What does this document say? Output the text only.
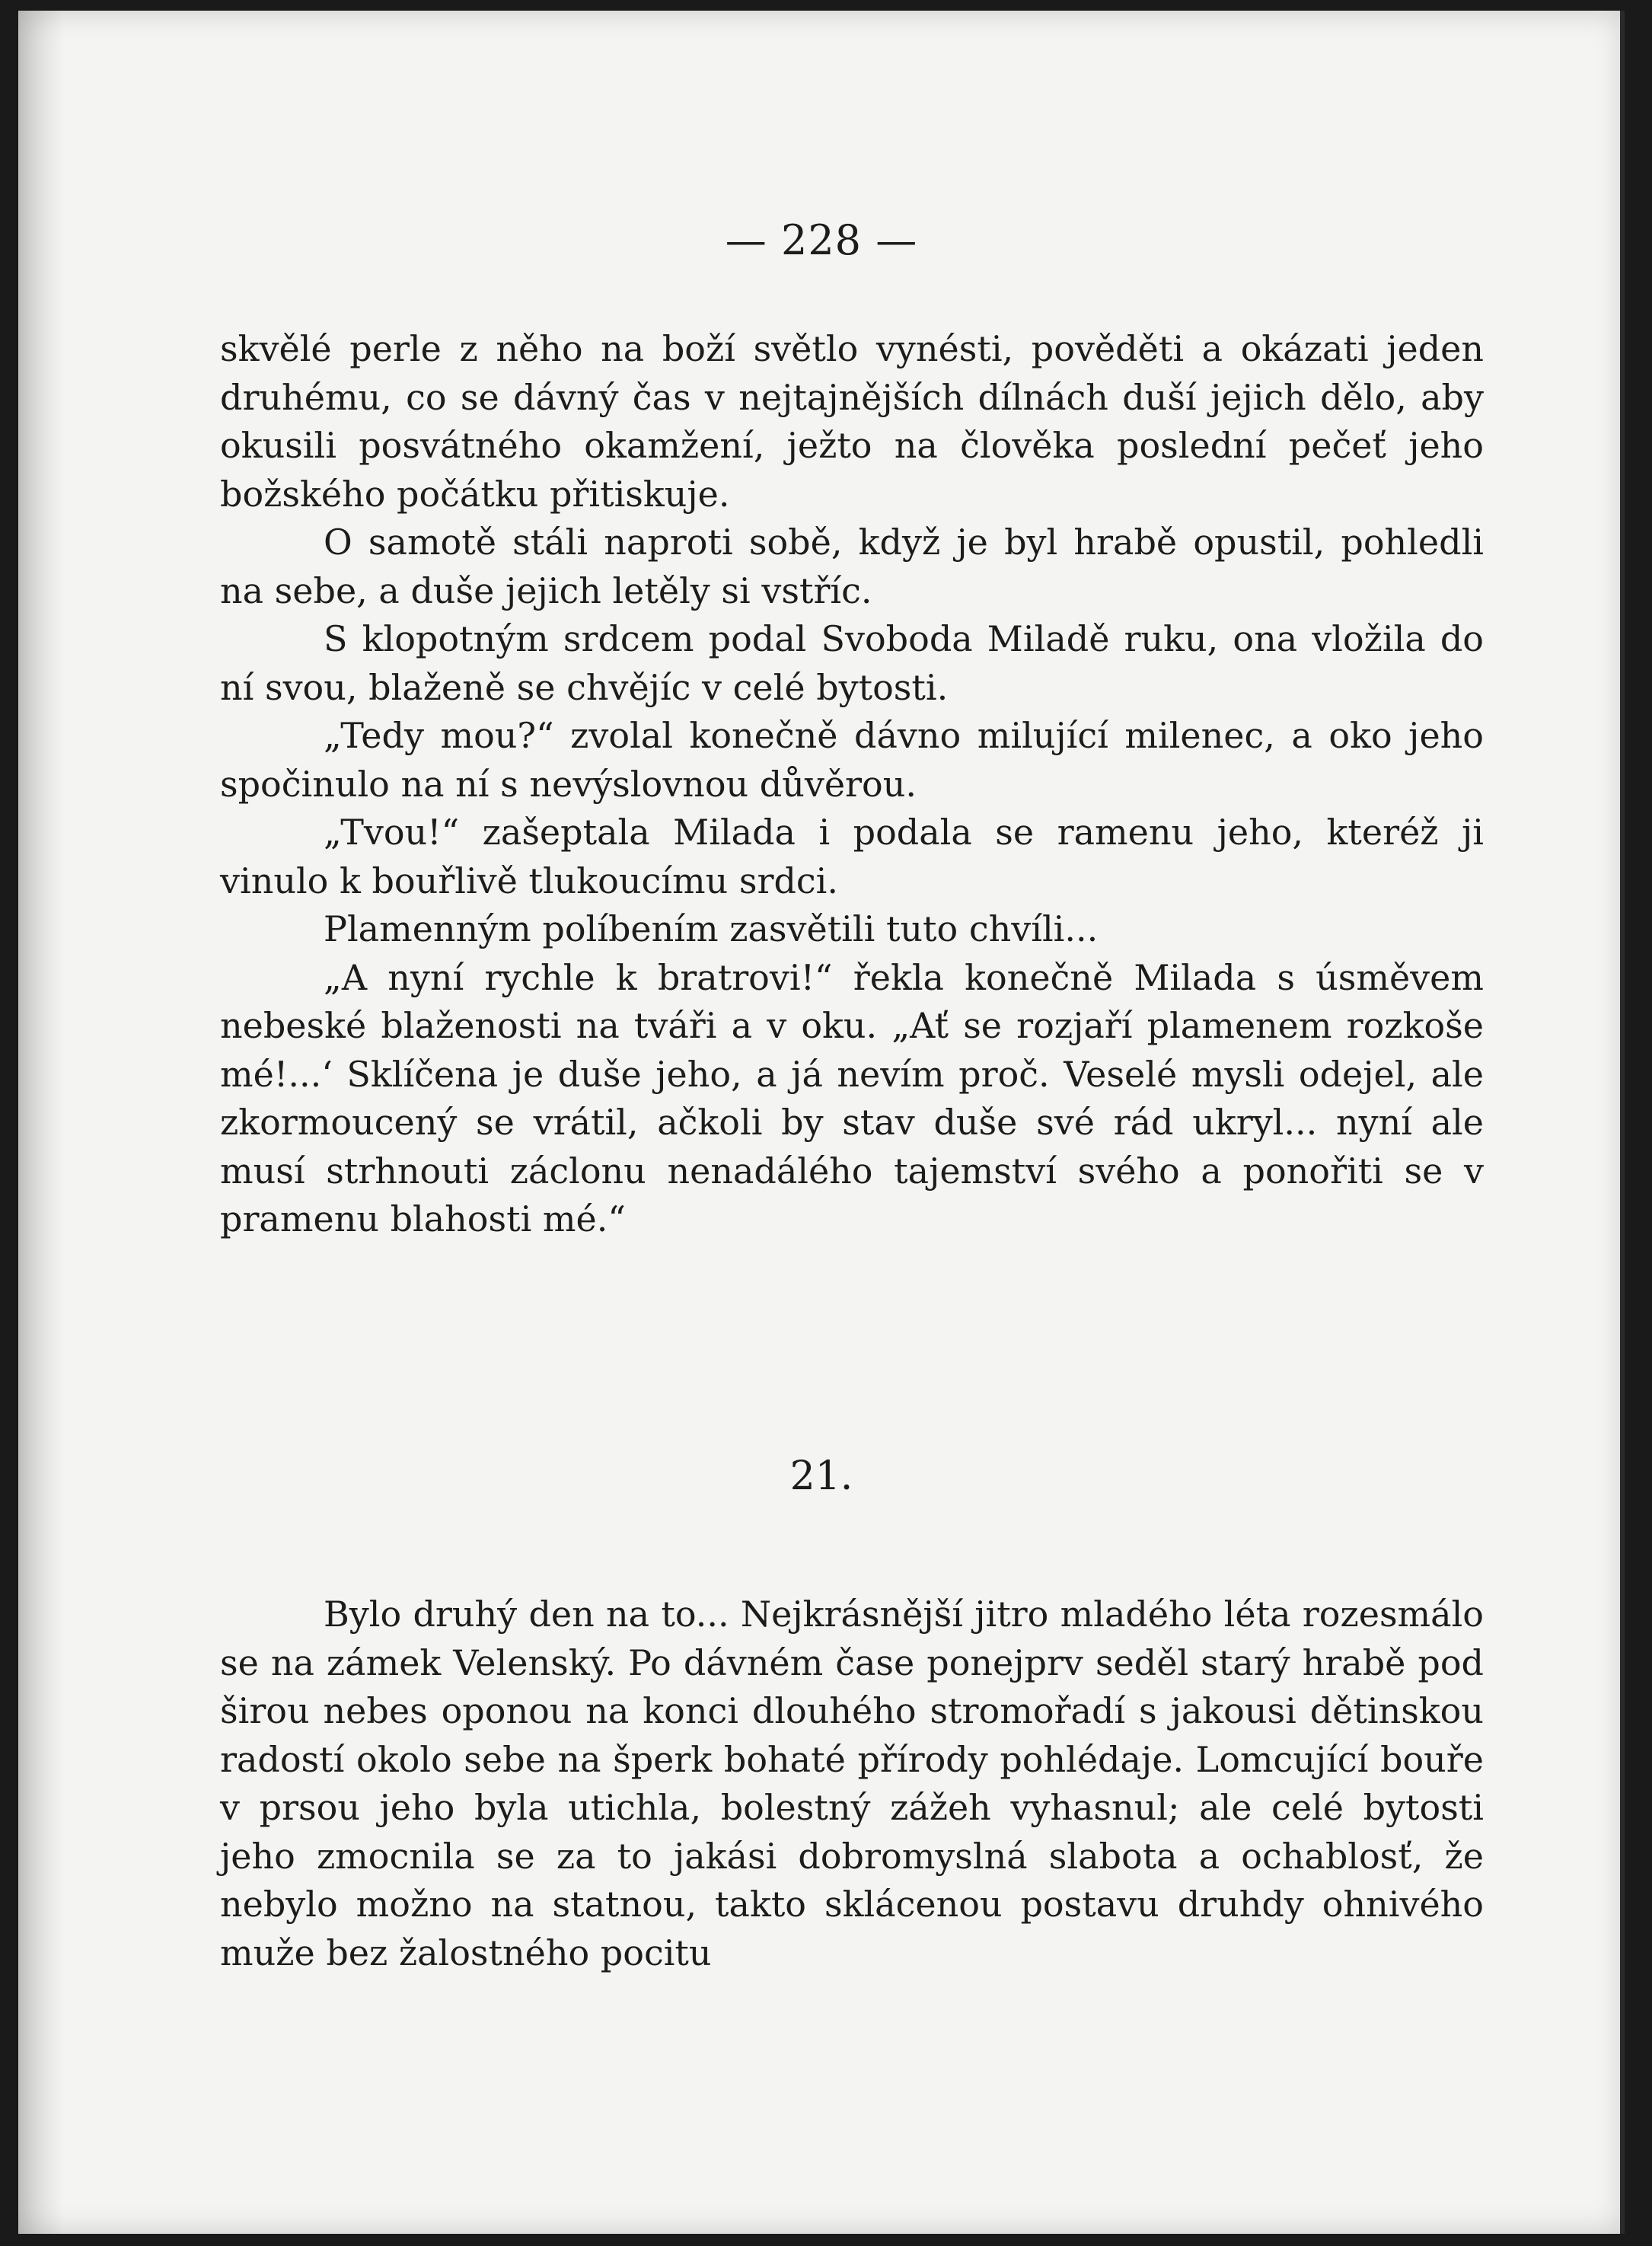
— 228 —

skvělé perle z něho na boží světlo vynésti, pověděti a okázati jeden druhému, co se dávný čas v nejtajnějších dílnách duší jejich dělo, aby okusili posvátného okamžení, ježto na člověka poslední pečeť jeho božského počátku přitiskuje.

O samotě stáli naproti sobě, když je byl hrabě opustil, pohledli na sebe, a duše jejich letěly si vstříc.

S klopotným srdcem podal Svoboda Miladě ruku, ona vložila do ní svou, blaženě se chvějíc v celé bytosti.

„Tedy mou?“ zvolal konečně dávno milující milenec, a oko jeho spočinulo na ní s nevýslovnou důvěrou.

„Tvou!“ zašeptala Milada i podala se ramenu jeho, kteréž ji vinulo k bouřlivě tlukoucímu srdci.

Plamenným políbením zasvětili tuto chvíli...

„A nyní rychle k bratrovi!“ řekla konečně Milada s úsměvem nebeské blaženosti na tváři a v oku. „Ať se rozjaří plamenem rozkoše mé!...‘ Sklíčena je duše jeho, a já nevím proč. Veselé mysli odejel, ale zkormoucený se vrátil, ačkoli by stav duše své rád ukryl... nyní ale musí strhnouti záclonu nenadálého tajemství svého a ponořiti se v pramenu blahosti mé.“

21.

Bylo druhý den na to... Nejkrásnější jitro mladého léta rozesmálo se na zámek Velenský. Po dávném čase ponejprv seděl starý hrabě pod širou nebes oponou na konci dlouhého stromořadí s jakousi dětinskou radostí okolo sebe na šperk bohaté přírody pohlédaje. Lomcující bouře v prsou jeho byla utichla, bolestný zážeh vyhasnul; ale celé bytosti jeho zmocnila se za to jakási dobromyslná slabota a ochablosť, že nebylo možno na statnou, takto sklácenou postavu druhdy ohnivého muže bez žalostného pocitu
